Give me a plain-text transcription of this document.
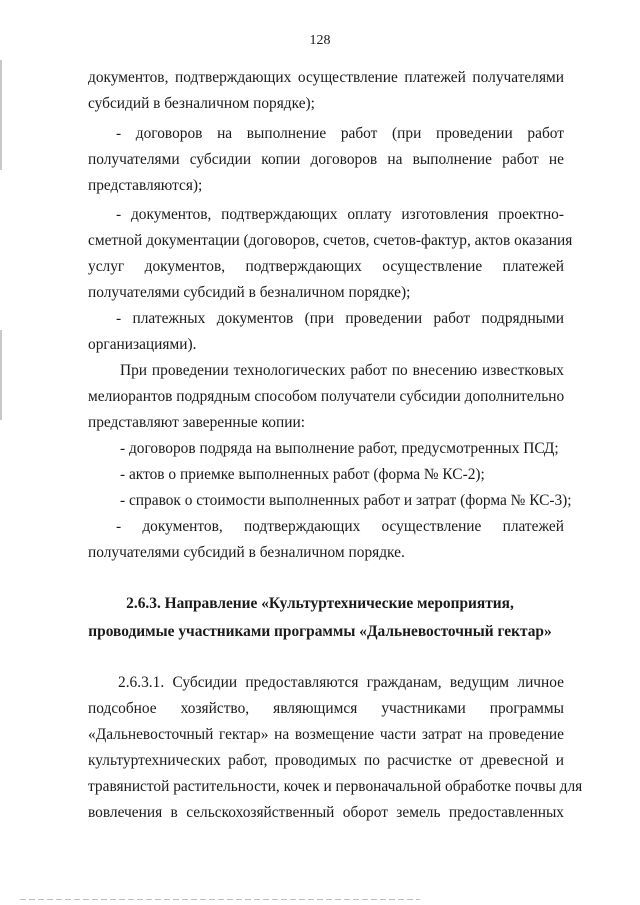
128
документов, подтверждающих осуществление платежей получателями
субсидий в безналичном порядке);
- договоров на выполнение работ (при проведении работ
получателями субсидии копии договоров на выполнение работ не
представляются);
- документов, подтверждающих оплату изготовления проектно-
сметной документации (договоров, счетов, счетов-фактур, актов оказания
услуг документов, подтверждающих осуществление платежей
получателями субсидий в безналичном порядке);
- платежных документов (при проведении работ подрядными
организациями).
При проведении технологических работ по внесению известковых
мелиорантов подрядным способом получатели субсидии дополнительно
представляют заверенные копии:
- договоров подряда на выполнение работ, предусмотренных ПСД;
- актов о приемке выполненных работ (форма № КС-2);
- справок о стоимости выполненных работ и затрат (форма № КС-3);
- документов, подтверждающих осуществление платежей
получателями субсидий в безналичном порядке.
2.6.3. Направление «Культуртехнические мероприятия,
проводимые участниками программы «Дальневосточный гектар»
2.6.3.1. Субсидии предоставляются гражданам, ведущим личное
подсобное хозяйство, являющимся участниками программы
«Дальневосточный гектар» на возмещение части затрат на проведение
культуртехнических работ, проводимых по расчистке от древесной и
травянистой растительности, кочек и первоначальной обработке почвы для
вовлечения в сельскохозяйственный оборот земель предоставленных
